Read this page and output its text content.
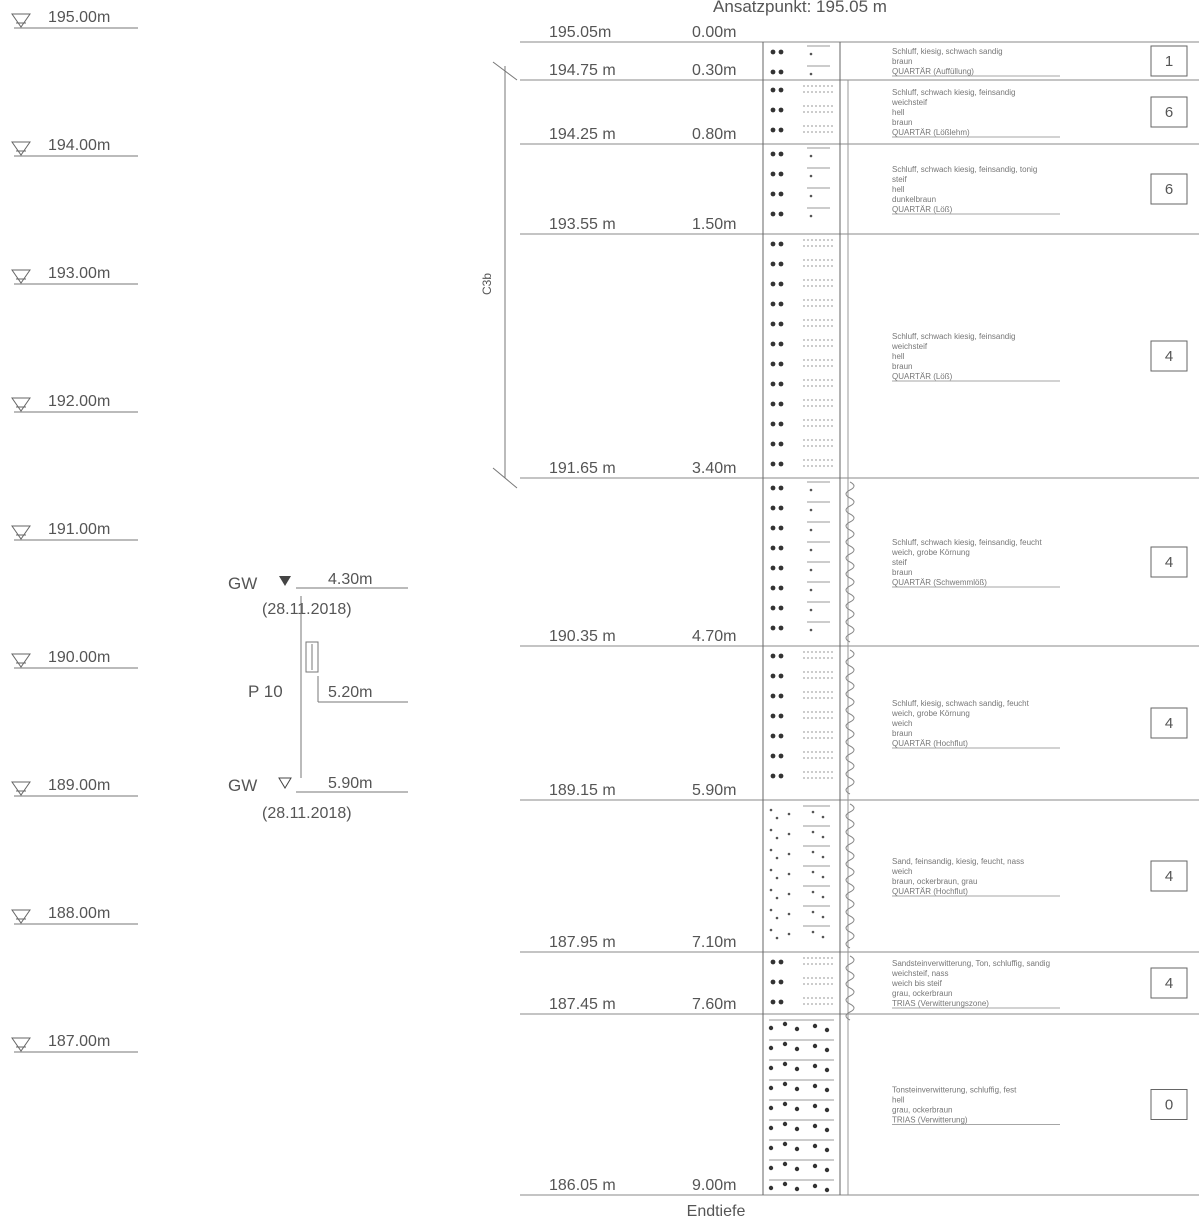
195.00m
194.00m
193.00m
192.00m
191.00m
190.00m
189.00m
188.00m
187.00m
Ansatzpunkt: 195.05 m
195.05m	0.00m
194.75 m	0.30m
194.25 m	0.80m
193.55 m	1.50m
191.65 m	3.40m
190.35 m	4.70m
189.15 m	5.90m
187.95 m	7.10m
187.45 m	7.60m
186.05 m	9.00m
Schluff, kiesig, schwach sandig
braun
QUARTÄR (Auffüllung)
1
Schluff, schwach kiesig, feinsandig
weichsteif
hell
braun
QUARTÄR (Lößlehm)
6
Schluff, schwach kiesig, feinsandig, tonig
steif
hell
dunkelbraun
QUARTÄR (Löß)
6
Schluff, schwach kiesig, feinsandig
weichsteif
hell
braun
QUARTÄR (Löß)
4
Schluff, schwach kiesig, feinsandig, feucht
weich, grobe Körnung
steif
braun
QUARTÄR (Schwemmlöß)
4
Schluff, kiesig, schwach sandig, feucht
weich, grobe Körnung
weich
braun
QUARTÄR (Hochflut)
4
Sand, feinsandig, kiesig, feucht, nass
weich
braun, ockerbraun, grau
QUARTÄR (Hochflut)
4
Sandsteinverwitterung, Ton, schluffig, sandig
weichsteif, nass
weich bis steif
grau, ockerbraun
TRIAS (Verwitterungszone)
4
Tonsteinverwitterung, schluffig, fest
hell
grau, ockerbraun
TRIAS (Verwitterung)
0
C3b
GW	4.30m
(28.11.2018)
P 10	5.20m
GW	5.90m
(28.11.2018)
Endtiefe
